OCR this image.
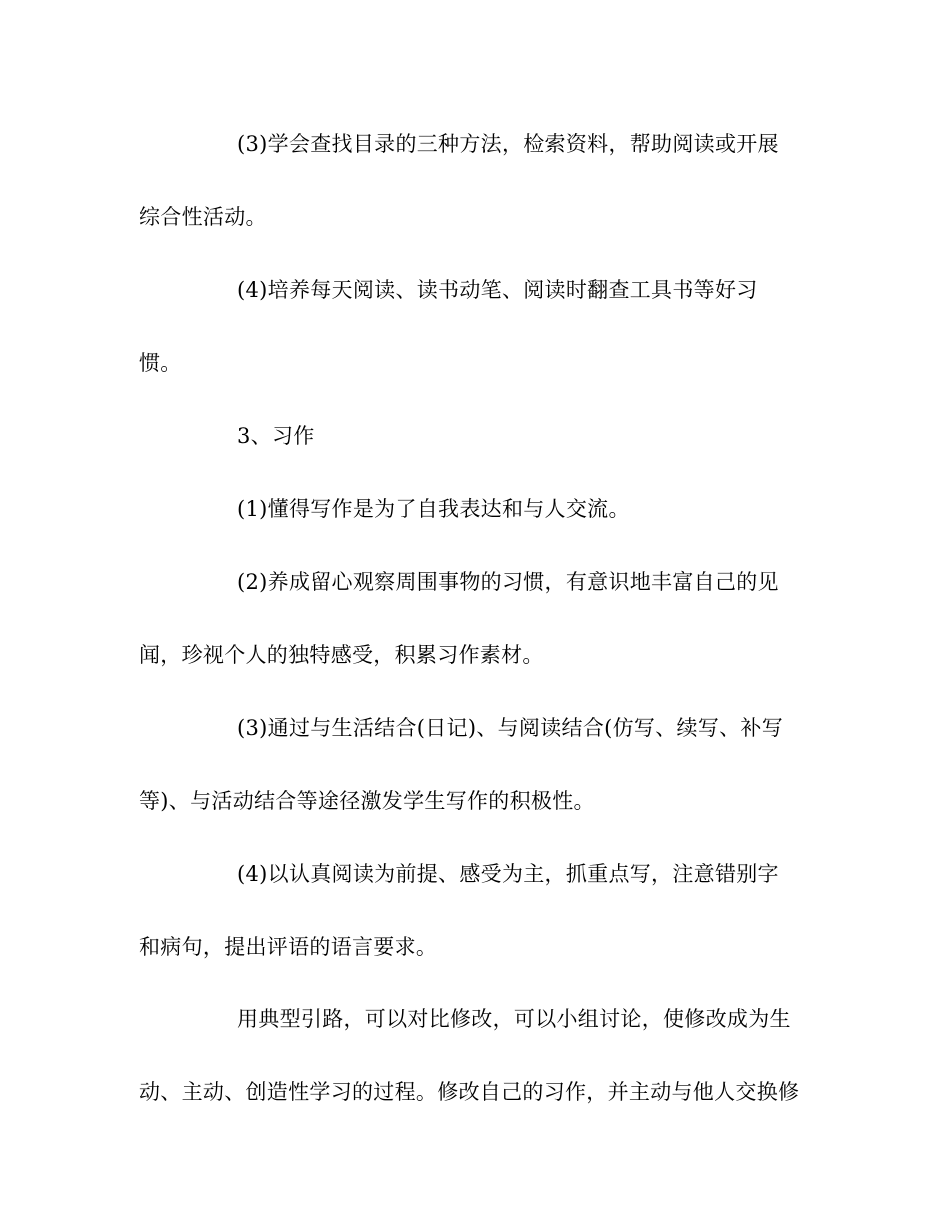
(3)学会查找目录的三种方法，检索资料，帮助阅读或开展
综合性活动。
(4)培养每天阅读、读书动笔、阅读时翻查工具书等好习
惯。
3、习作
(1)懂得写作是为了自我表达和与人交流。
(2)养成留心观察周围事物的习惯，有意识地丰富自己的见
闻，珍视个人的独特感受，积累习作素材。
(3)通过与生活结合(日记)、与阅读结合(仿写、续写、补写
等)、与活动结合等途径激发学生写作的积极性。
(4)以认真阅读为前提、感受为主，抓重点写，注意错别字
和病句，提出评语的语言要求。
用典型引路，可以对比修改，可以小组讨论，使修改成为生
动、主动、创造性学习的过程。修改自己的习作，并主动与他人交换修
